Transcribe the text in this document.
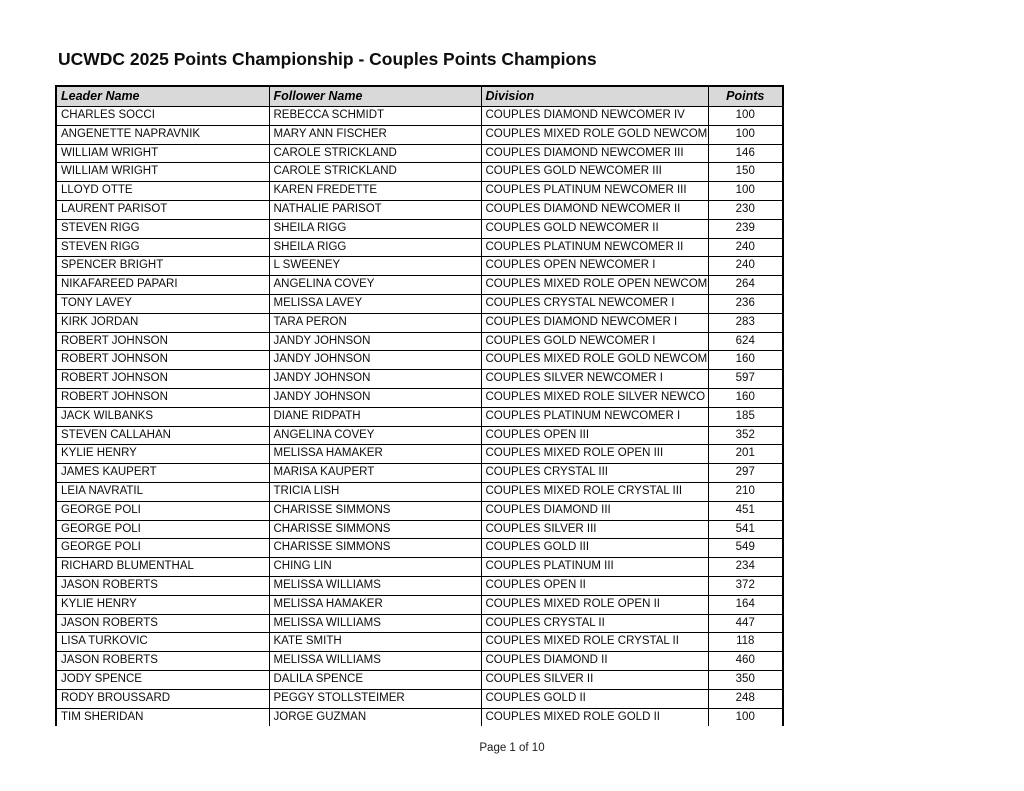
UCWDC 2025 Points Championship - Couples Points Champions
Leader Name	Follower Name	Division	Points
CHARLES SOCCI	REBECCA SCHMIDT	COUPLES DIAMOND NEWCOMER IV	100
ANGENETTE NAPRAVNIK	MARY ANN FISCHER	COUPLES MIXED ROLE GOLD NEWCOM	100
WILLIAM WRIGHT	CAROLE STRICKLAND	COUPLES DIAMOND NEWCOMER III	146
WILLIAM WRIGHT	CAROLE STRICKLAND	COUPLES GOLD NEWCOMER III	150
LLOYD OTTE	KAREN FREDETTE	COUPLES PLATINUM NEWCOMER III	100
LAURENT PARISOT	NATHALIE PARISOT	COUPLES DIAMOND NEWCOMER II	230
STEVEN RIGG	SHEILA RIGG	COUPLES GOLD NEWCOMER II	239
STEVEN RIGG	SHEILA RIGG	COUPLES PLATINUM NEWCOMER II	240
SPENCER BRIGHT	L SWEENEY	COUPLES OPEN NEWCOMER I	240
NIKAFAREED PAPARI	ANGELINA COVEY	COUPLES MIXED ROLE OPEN NEWCOM	264
TONY LAVEY	MELISSA LAVEY	COUPLES CRYSTAL NEWCOMER I	236
KIRK JORDAN	TARA PERON	COUPLES DIAMOND NEWCOMER I	283
ROBERT JOHNSON	JANDY JOHNSON	COUPLES GOLD NEWCOMER I	624
ROBERT JOHNSON	JANDY JOHNSON	COUPLES MIXED ROLE GOLD NEWCOM	160
ROBERT JOHNSON	JANDY JOHNSON	COUPLES SILVER NEWCOMER I	597
ROBERT JOHNSON	JANDY JOHNSON	COUPLES MIXED ROLE SILVER NEWCO	160
JACK WILBANKS	DIANE RIDPATH	COUPLES PLATINUM NEWCOMER I	185
STEVEN CALLAHAN	ANGELINA COVEY	COUPLES OPEN III	352
KYLIE HENRY	MELISSA HAMAKER	COUPLES MIXED ROLE OPEN III	201
JAMES KAUPERT	MARISA KAUPERT	COUPLES CRYSTAL III	297
LEIA NAVRATIL	TRICIA LISH	COUPLES MIXED ROLE CRYSTAL III	210
GEORGE POLI	CHARISSE SIMMONS	COUPLES DIAMOND III	451
GEORGE POLI	CHARISSE SIMMONS	COUPLES SILVER III	541
GEORGE POLI	CHARISSE SIMMONS	COUPLES GOLD III	549
RICHARD BLUMENTHAL	CHING LIN	COUPLES PLATINUM III	234
JASON ROBERTS	MELISSA WILLIAMS	COUPLES OPEN II	372
KYLIE HENRY	MELISSA HAMAKER	COUPLES MIXED ROLE OPEN II	164
JASON ROBERTS	MELISSA WILLIAMS	COUPLES CRYSTAL II	447
LISA TURKOVIC	KATE SMITH	COUPLES MIXED ROLE CRYSTAL II	118
JASON ROBERTS	MELISSA WILLIAMS	COUPLES DIAMOND II	460
JODY SPENCE	DALILA SPENCE	COUPLES SILVER II	350
RODY BROUSSARD	PEGGY STOLLSTEIMER	COUPLES GOLD II	248
TIM SHERIDAN	JORGE GUZMAN	COUPLES MIXED ROLE GOLD II	100
Page 1 of 10
